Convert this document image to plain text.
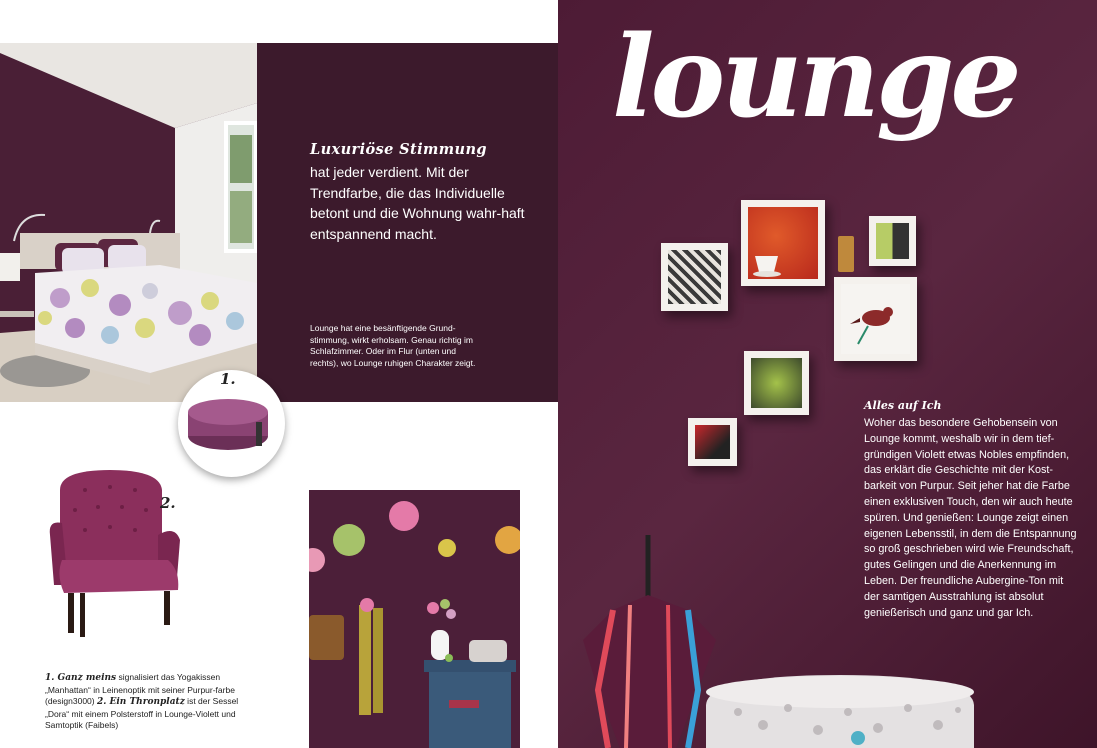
Luxuriöse Stimmung
hat jeder verdient. Mit der Trendfarbe, die das Individuelle betont und die Wohnung wahr-haft entspannend macht.
Lounge hat eine besänftigende Grund-stimmung, wirkt erholsam. Genau richtig im Schlafzimmer. Oder im Flur (unten und rechts), wo Lounge ruhigen Charakter zeigt.
1.
2.
1. Ganz meins signalisiert das Yogakissen „Manhattan“ in Leinenoptik mit seiner Purpur-farbe (design3000) 2. Ein Thronplatz ist der Sessel „Dora“ mit einem Polsterstoff in Lounge-Violett und Samtoptik (Faibels)
lounge
Alles auf Ich
Woher das besondere Gehobensein von Lounge kommt, weshalb wir in dem tief-gründigen Violett etwas Nobles empfinden, das erklärt die Geschichte mit der Kost-barkeit von Purpur. Seit jeher hat die Farbe einen exklusiven Touch, den wir auch heute spüren. Und genießen: Lounge zeigt einen eigenen Lebensstil, in dem die Entspannung so groß geschrieben wird wie Freundschaft, gutes Gelingen und die Anerkennung im Leben. Der freundliche Aubergine-Ton mit der samtigen Ausstrahlung ist absolut genießerisch und ganz und gar Ich.
